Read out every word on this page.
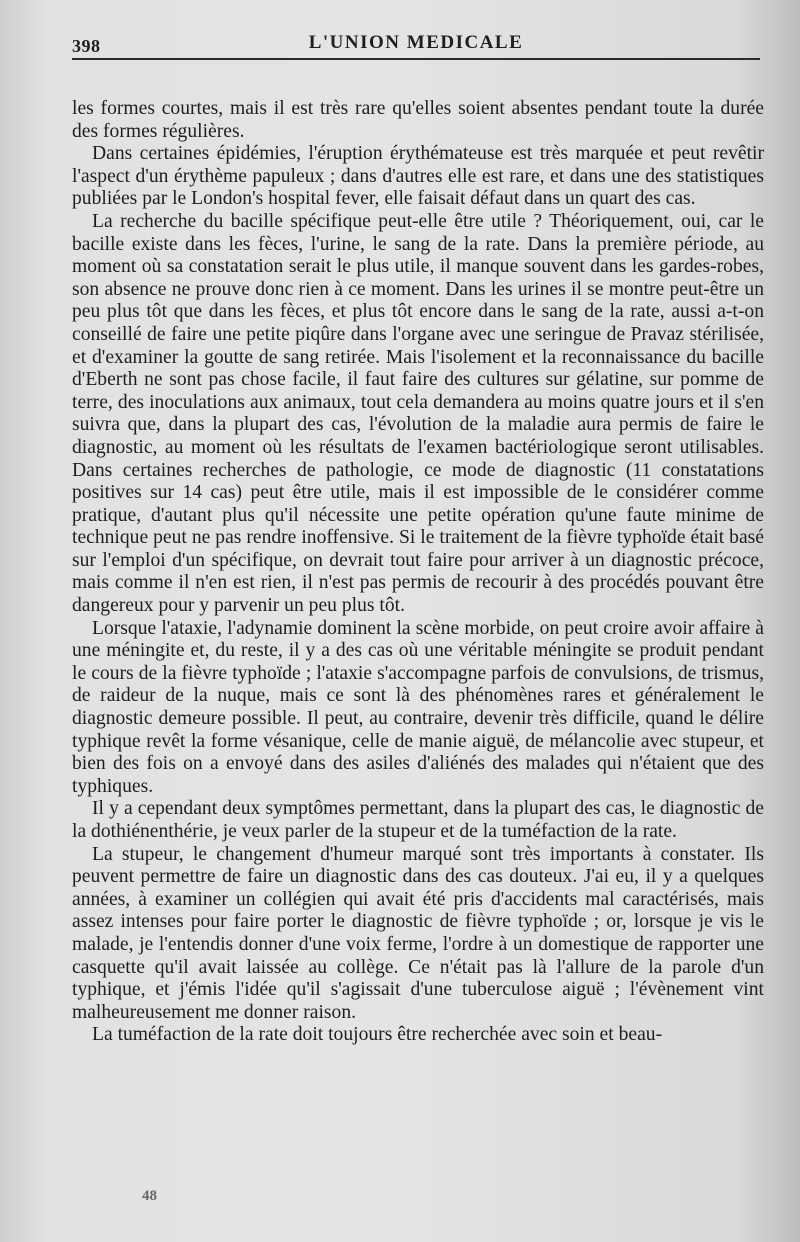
398	L'UNION MEDICALE

les formes courtes, mais il est très rare qu'elles soient absentes pendant toute la durée des formes régulières.

Dans certaines épidémies, l'éruption érythémateuse est très marquée et peut revêtir l'aspect d'un érythème papuleux ; dans d'autres elle est rare, et dans une des statistiques publiées par le London's hospital fever, elle faisait défaut dans un quart des cas.

La recherche du bacille spécifique peut-elle être utile ? Théoriquement, oui, car le bacille existe dans les fèces, l'urine, le sang de la rate. Dans la première période, au moment où sa constatation serait le plus utile, il manque souvent dans les gardes-robes, son absence ne prouve donc rien à ce moment. Dans les urines il se montre peut-être un peu plus tôt que dans les fèces, et plus tôt encore dans le sang de la rate, aussi a-t-on conseillé de faire une petite piqûre dans l'organe avec une seringue de Pravaz stérilisée, et d'examiner la goutte de sang retirée. Mais l'isolement et la reconnaissance du bacille d'Eberth ne sont pas chose facile, il faut faire des cultures sur gélatine, sur pomme de terre, des inoculations aux animaux, tout cela demandera au moins quatre jours et il s'en suivra que, dans la plupart des cas, l'évolution de la maladie aura permis de faire le diagnostic, au moment où les résultats de l'examen bactériologique seront utilisables. Dans certaines recherches de pathologie, ce mode de diagnostic (11 constatations positives sur 14 cas) peut être utile, mais il est impossible de le considérer comme pratique, d'autant plus qu'il nécessite une petite opération qu'une faute minime de technique peut ne pas rendre inoffensive. Si le traitement de la fièvre typhoïde était basé sur l'emploi d'un spécifique, on devrait tout faire pour arriver à un diagnostic précoce, mais comme il n'en est rien, il n'est pas permis de recourir à des procédés pouvant être dangereux pour y parvenir un peu plus tôt.

Lorsque l'ataxie, l'adynamie dominent la scène morbide, on peut croire avoir affaire à une méningite et, du reste, il y a des cas où une véritable méningite se produit pendant le cours de la fièvre typhoïde ; l'ataxie s'accompagne parfois de convulsions, de trismus, de raideur de la nuque, mais ce sont là des phénomènes rares et généralement le diagnostic demeure possible. Il peut, au contraire, devenir très difficile, quand le délire typhique revêt la forme vésanique, celle de manie aiguë, de mélancolie avec stupeur, et bien des fois on a envoyé dans des asiles d'aliénés des malades qui n'étaient que des typhiques.

Il y a cependant deux symptômes permettant, dans la plupart des cas, le diagnostic de la dothiénenthérie, je veux parler de la stupeur et de la tuméfaction de la rate.

La stupeur, le changement d'humeur marqué sont très importants à constater. Ils peuvent permettre de faire un diagnostic dans des cas douteux. J'ai eu, il y a quelques années, à examiner un collégien qui avait été pris d'accidents mal caractérisés, mais assez intenses pour faire porter le diagnostic de fièvre typhoïde ; or, lorsque je vis le malade, je l'entendis donner d'une voix ferme, l'ordre à un domestique de rapporter une casquette qu'il avait laissée au collège. Ce n'était pas là l'allure de la parole d'un typhique, et j'émis l'idée qu'il s'agissait d'une tuberculose aiguë ; l'évènement vint malheureusement me donner raison.

La tuméfaction de la rate doit toujours être recherchée avec soin et beau-

48
